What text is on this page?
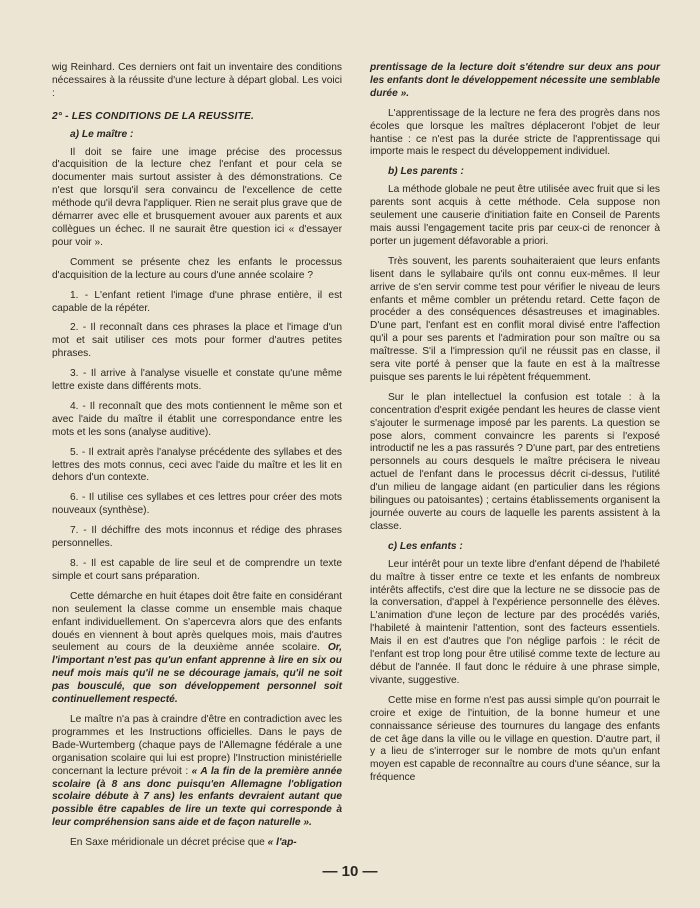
wig Reinhard. Ces derniers ont fait un inventaire des conditions nécessaires à la réussite d'une lecture à départ global. Les voici :

2° - LES CONDITIONS DE LA REUSSITE.
a) Le maître :

Il doit se faire une image précise des processus d'acquisition de la lecture chez l'enfant et pour cela se documenter mais surtout assister à des démonstrations. Ce n'est que lorsqu'il sera convaincu de l'excellence de cette méthode qu'il devra l'appliquer. Rien ne serait plus grave que de démarrer avec elle et brusquement avouer aux parents et aux collègues un échec. Il ne saurait être question ici « d'essayer pour voir ».

Comment se présente chez les enfants le processus d'acquisition de la lecture au cours d'une année scolaire ?

1. - L'enfant retient l'image d'une phrase entière, il est capable de la répéter.

2. - Il reconnaît dans ces phrases la place et l'image d'un mot et sait utiliser ces mots pour former d'autres petites phrases.

3. - Il arrive à l'analyse visuelle et constate qu'une même lettre existe dans différents mots.

4. - Il reconnaît que des mots contiennent le même son et avec l'aide du maître il établit une correspondance entre les mots et les sons (analyse auditive).

5. - Il extrait après l'analyse précédente des syllabes et des lettres des mots connus, ceci avec l'aide du maître et les lit en dehors d'un contexte.

6. - Il utilise ces syllabes et ces lettres pour créer des mots nouveaux (synthèse).

7. - Il déchiffre des mots inconnus et rédige des phrases personnelles.

8. - Il est capable de lire seul et de comprendre un texte simple et court sans préparation.

Cette démarche en huit étapes doit être faite en considérant non seulement la classe comme un ensemble mais chaque enfant individuellement. On s'apercevra alors que des enfants doués en viennent à bout après quelques mois, mais d'autres seulement au cours de la deuxième année scolaire. Or, l'important n'est pas qu'un enfant apprenne à lire en six ou neuf mois mais qu'il ne se décourage jamais, qu'il ne soit pas bousculé, que son développement personnel soit continuellement respecté.

Le maître n'a pas à craindre d'être en contradiction avec les programmes et les Instructions officielles. Dans le pays de Bade-Wurtemberg (chaque pays de l'Allemagne fédérale a une organisation scolaire qui lui est propre) l'Instruction ministérielle concernant la lecture prévoit : « A la fin de la première année scolaire (à 8 ans donc puisqu'en Allemagne l'obligation scolaire débute à 7 ans) les enfants devraient autant que possible être capables de lire un texte qui corresponde à leur compréhension sans aide et de façon naturelle ».

En Saxe méridionale un décret précise que « l'ap-

prentissage de la lecture doit s'étendre sur deux ans pour les enfants dont le développement nécessite une semblable durée ».

L'apprentissage de la lecture ne fera des progrès dans nos écoles que lorsque les maîtres déplaceront l'objet de leur hantise : ce n'est pas la durée stricte de l'apprentissage qui importe mais le respect du développement individuel.

b) Les parents :

La méthode globale ne peut être utilisée avec fruit que si les parents sont acquis à cette méthode. Cela suppose non seulement une causerie d'initiation faite en Conseil de Parents mais aussi l'engagement tacite pris par ceux-ci de renoncer à porter un jugement défavorable a priori.

Très souvent, les parents souhaiteraient que leurs enfants lisent dans le syllabaire qu'ils ont connu eux-mêmes. Il leur arrive de s'en servir comme test pour vérifier le niveau de leurs enfants et même combler un prétendu retard. Cette façon de procéder a des conséquences désastreuses et imaginables. D'une part, l'enfant est en conflit moral divisé entre l'affection qu'il a pour ses parents et l'admiration pour son maître ou sa maîtresse. S'il a l'impression qu'il ne réussit pas en classe, il sera vite porté à penser que la faute en est à la maîtresse puisque ses parents le lui répètent fréquemment.

Sur le plan intellectuel la confusion est totale : à la concentration d'esprit exigée pendant les heures de classe vient s'ajouter le surmenage imposé par les parents. La question se pose alors, comment convaincre les parents si l'exposé introductif ne les a pas rassurés ? D'une part, par des entretiens personnels au cours desquels le maître précisera le niveau actuel de l'enfant dans le processus décrit ci-dessus, l'utilité d'un milieu de langage aidant (en particulier dans les régions bilingues ou patoisantes) ; certains établissements organisent la journée ouverte au cours de laquelle les parents assistent à la classe.

c) Les enfants :

Leur intérêt pour un texte libre d'enfant dépend de l'habileté du maître à tisser entre ce texte et les enfants de nombreux intérêts affectifs, c'est dire que la lecture ne se dissocie pas de la conversation, d'appel à l'expérience personnelle des élèves. L'animation d'une leçon de lecture par des procédés variés, l'habileté à maintenir l'attention, sont des facteurs essentiels. Mais il en est d'autres que l'on néglige parfois : le récit de l'enfant est trop long pour être utilisé comme texte de lecture au début de l'année. Il faut donc le réduire à une phrase simple, vivante, suggestive.

Cette mise en forme n'est pas aussi simple qu'on pourrait le croire et exige de l'intuition, de la bonne humeur et une connaissance sérieuse des tournures du langage des enfants de cet âge dans la ville ou le village en question. D'autre part, il y a lieu de s'interroger sur le nombre de mots qu'un enfant moyen est capable de reconnaître au cours d'une séance, sur la fréquence

— 10 —
